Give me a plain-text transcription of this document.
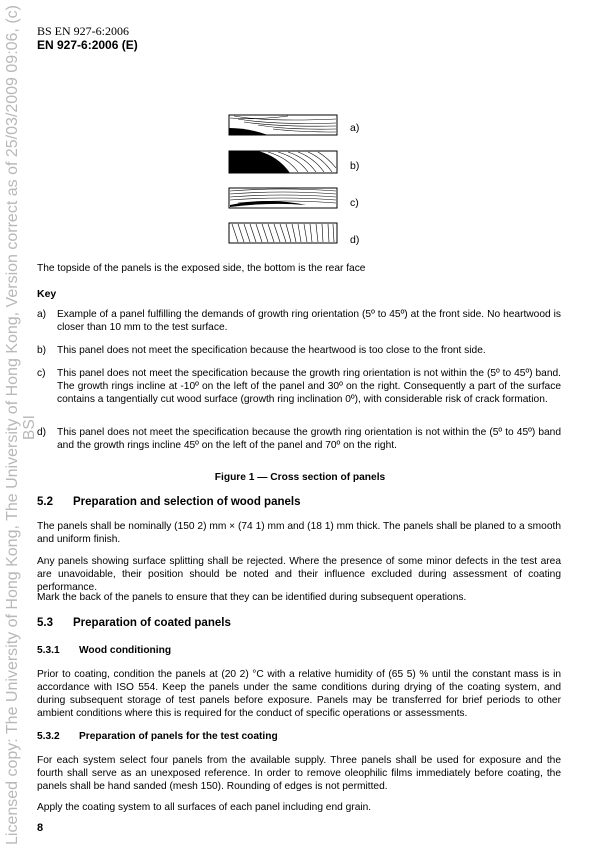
Licensed copy: The University of Hong Kong, The University of Hong Kong, Version correct as of 25/03/2009 09:06, (c) BSI
BS EN 927-6:2006
EN 927-6:2006 (E)
a)
b)
c)
d)
The topside of the panels is the exposed side, the bottom is the rear face
Key
a) Example of a panel fulfilling the demands of growth ring orientation (5º to 45º) at the front side. No heartwood is closer than 10 mm to the test surface.
b) This panel does not meet the specification because the heartwood is too close to the front side.
c) This panel does not meet the specification because the growth ring orientation is not within the (5º to 45º) band. The growth rings incline at -10º on the left of the panel and 30º on the right. Consequently a part of the surface contains a tangentially cut wood surface (growth ring inclination 0º), with considerable risk of crack formation.
d) This panel does not meet the specification because the growth ring orientation is not within the (5º to 45º) band and the growth rings incline 45º on the left of the panel and 70º on the right.
Figure 1 — Cross section of panels
5.2 Preparation and selection of wood panels
The panels shall be nominally (150 2) mm × (74 1) mm and (18 1) mm thick. The panels shall be planed to a smooth and uniform finish.
Any panels showing surface splitting shall be rejected. Where the presence of some minor defects in the test area are unavoidable, their position should be noted and their influence excluded during assessment of coating performance.
Mark the back of the panels to ensure that they can be identified during subsequent operations.
5.3 Preparation of coated panels
5.3.1 Wood conditioning
Prior to coating, condition the panels at (20 2) °C with a relative humidity of (65 5) % until the constant mass is in accordance with ISO 554. Keep the panels under the same conditions during drying of the coating system, and during subsequent storage of test panels before exposure. Panels may be transferred for brief periods to other ambient conditions where this is required for the conduct of specific operations or assessments.
5.3.2 Preparation of panels for the test coating
For each system select four panels from the available supply. Three panels shall be used for exposure and the fourth shall serve as an unexposed reference. In order to remove oleophilic films immediately before coating, the panels shall be hand sanded (mesh 150). Rounding of edges is not permitted.
Apply the coating system to all surfaces of each panel including end grain.
8
